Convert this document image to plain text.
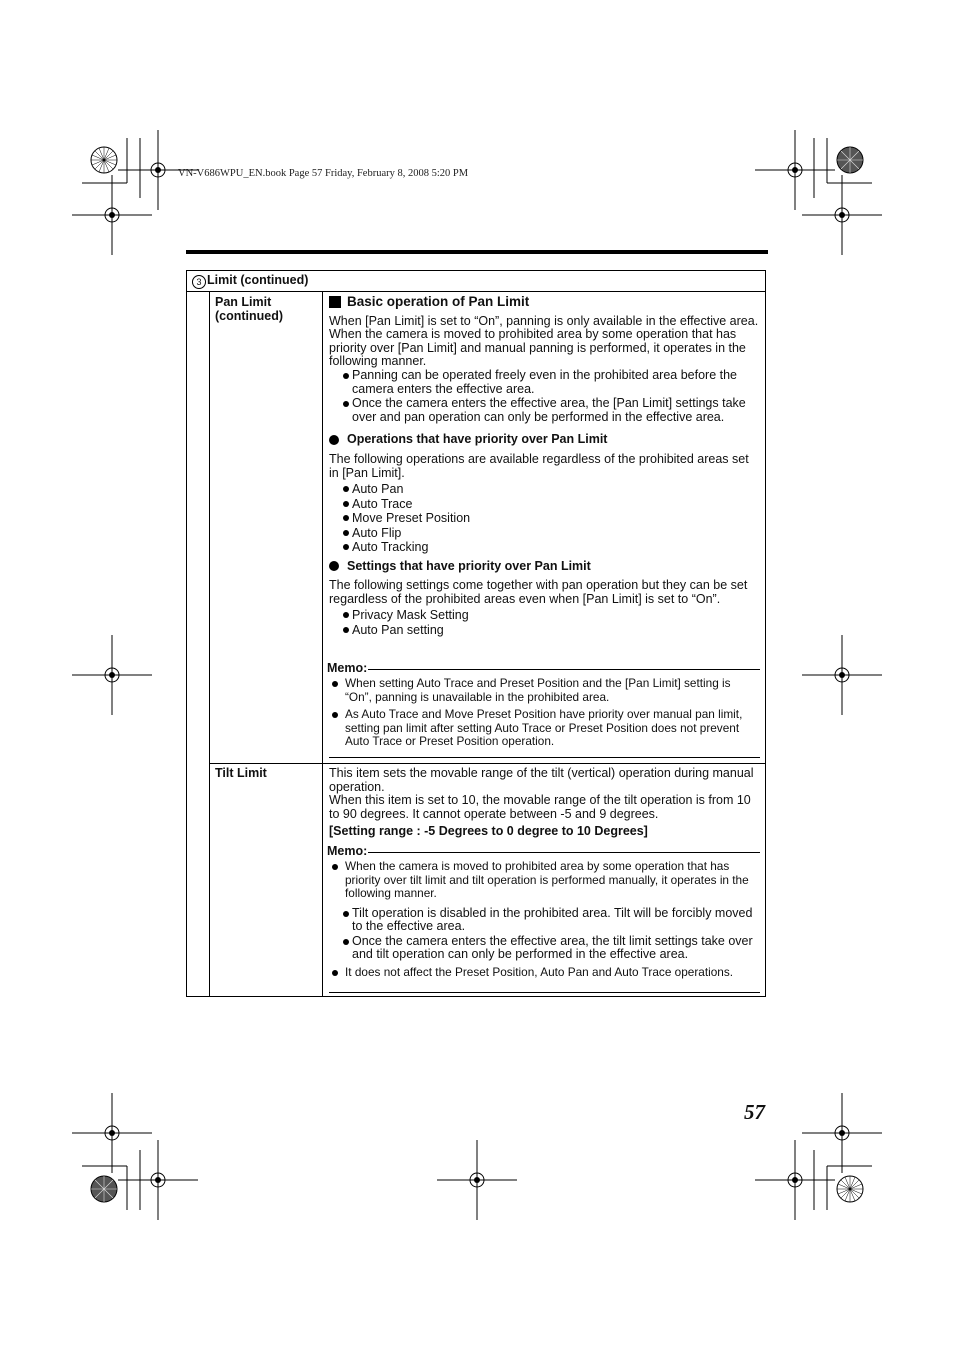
VN-V686WPU_EN.book Page 57 Friday, February 8, 2008 5:20 PM
3 Limit (continued)
Pan Limit
(continued)
Basic operation of Pan Limit

When [Pan Limit] is set to “On”, panning is only available in the effective area.

When the camera is moved to prohibited area by some operation that has priority over [Pan Limit] and manual panning is performed, it operates in the following manner.

Panning can be operated freely even in the prohibited area before the camera enters the effective area.
Once the camera enters the effective area, the [Pan Limit] settings take over and pan operation can only be performed in the effective area.
Operations that have priority over Pan Limit

The following operations are available regardless of the prohibited areas set in [Pan Limit].

Auto Pan
Auto Trace
Move Preset Position
Auto Flip
Auto Tracking
Settings that have priority over Pan Limit

The following settings come together with pan operation but they can be set regardless of the prohibited areas even when [Pan Limit] is set to “On”.

Privacy Mask Setting
Auto Pan setting
Memo:
When setting Auto Trace and Preset Position and the [Pan Limit] setting is “On”, panning is unavailable in the prohibited area.
As Auto Trace and Move Preset Position have priority over manual pan limit, setting pan limit after setting Auto Trace or Preset Position does not prevent Auto Trace or Preset Position operation.
Tilt Limit	This item sets the movable range of the tilt (vertical) operation during manual operation.

When this item is set to 10, the movable range of the tilt operation is from 10 to 90 degrees. It cannot operate between -5 and 9 degrees.

[Setting range : -5 Degrees to 0 degree to 10 Degrees]

Memo:
When the camera is moved to prohibited area by some operation that has priority over tilt limit and tilt operation is performed manually, it operates in the following manner.
Tilt operation is disabled in the prohibited area. Tilt will be forcibly moved to the effective area.
Once the camera enters the effective area, the tilt limit settings take over and tilt operation can only be performed in the effective area.
It does not affect the Preset Position, Auto Pan and Auto Trace operations.
57
